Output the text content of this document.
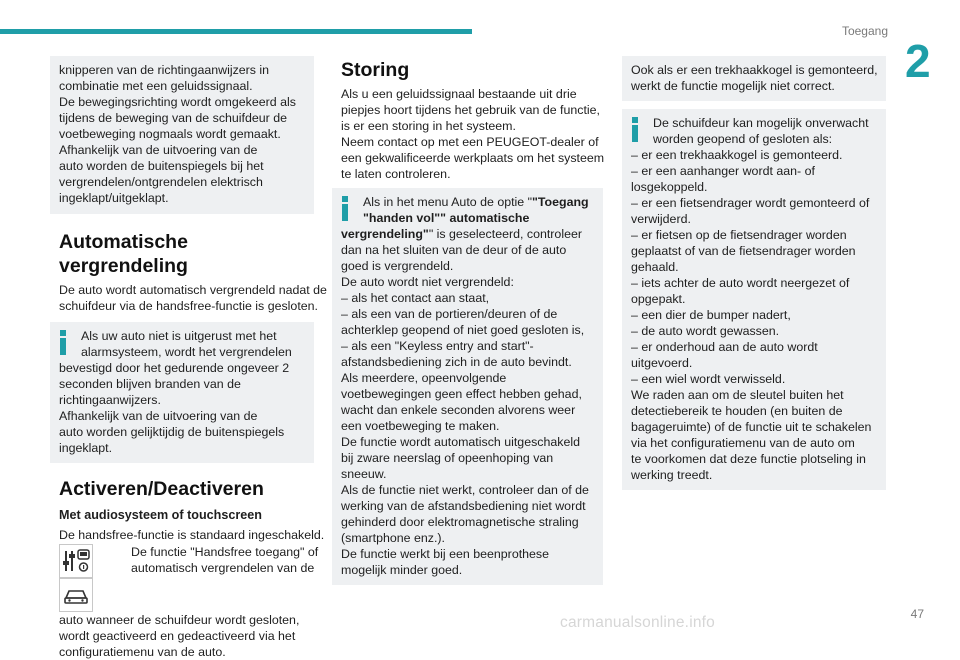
Toegang
2
knipperen van de richtingaanwijzers in
combinatie met een geluidssignaal.
De bewegingsrichting wordt omgekeerd als
tijdens de beweging van de schuifdeur de
voetbeweging nogmaals wordt gemaakt.
Afhankelijk van de uitvoering van de
auto worden de buitenspiegels bij het
vergrendelen/ontgrendelen elektrisch
ingeklapt/uitgeklapt.
Automatische vergrendeling
De auto wordt automatisch vergrendeld nadat de
schuifdeur via de handsfree-functie is gesloten.
Als uw auto niet is uitgerust met het
alarmsysteem, wordt het vergrendelen
bevestigd door het gedurende ongeveer 2
seconden blijven branden van de
richtingaanwijzers.
Afhankelijk van de uitvoering van de
auto worden gelijktijdig de buitenspiegels
ingeklapt.
Activeren/Deactiveren
Met audiosysteem of touchscreen
De handsfree-functie is standaard ingeschakeld.
De functie "Handsfree toegang" of
automatisch vergrendelen van de
auto wanneer de schuifdeur wordt gesloten,
wordt geactiveerd en gedeactiveerd via het
configuratiemenu van de auto.
Storing
Als u een geluidssignaal bestaande uit drie
piepjes hoort tijdens het gebruik van de functie,
is er een storing in het systeem.
Neem contact op met een PEUGEOT-dealer of
een gekwalificeerde werkplaats om het systeem
te laten controleren.
Als in het menu Auto de optie ""Toegang
"handen vol"" automatische
vergrendeling"" is geselecteerd, controleer
dan na het sluiten van de deur of de auto
goed is vergrendeld.
De auto wordt niet vergrendeld:
– als het contact aan staat,
– als een van de portieren/deuren of de
achterklep geopend of niet goed gesloten is,
– als een "Keyless entry and start"-
afstandsbediening zich in de auto bevindt.
Als meerdere, opeenvolgende
voetbewegingen geen effect hebben gehad,
wacht dan enkele seconden alvorens weer
een voetbeweging te maken.
De functie wordt automatisch uitgeschakeld
bij zware neerslag of opeenhoping van
sneeuw.
Als de functie niet werkt, controleer dan of de
werking van de afstandsbediening niet wordt
gehinderd door elektromagnetische straling
(smartphone enz.).
De functie werkt bij een beenprothese
mogelijk minder goed.
Ook als er een trekhaakkogel is gemonteerd,
werkt de functie mogelijk niet correct.
De schuifdeur kan mogelijk onverwacht
worden geopend of gesloten als:
– er een trekhaakkogel is gemonteerd.
– er een aanhanger wordt aan- of
losgekoppeld.
– er een fietsendrager wordt gemonteerd of
verwijderd.
– er fietsen op de fietsendrager worden
geplaatst of van de fietsendrager worden
gehaald.
– iets achter de auto wordt neergezet of
opgepakt.
– een dier de bumper nadert,
– de auto wordt gewassen.
– er onderhoud aan de auto wordt
uitgevoerd.
– een wiel wordt verwisseld.
We raden aan om de sleutel buiten het
detectiebereik te houden (en buiten de
bagageruimte) of de functie uit te schakelen
via het configuratiemenu van de auto om
te voorkomen dat deze functie plotseling in
werking treedt.
47
carmanualsonline.info
